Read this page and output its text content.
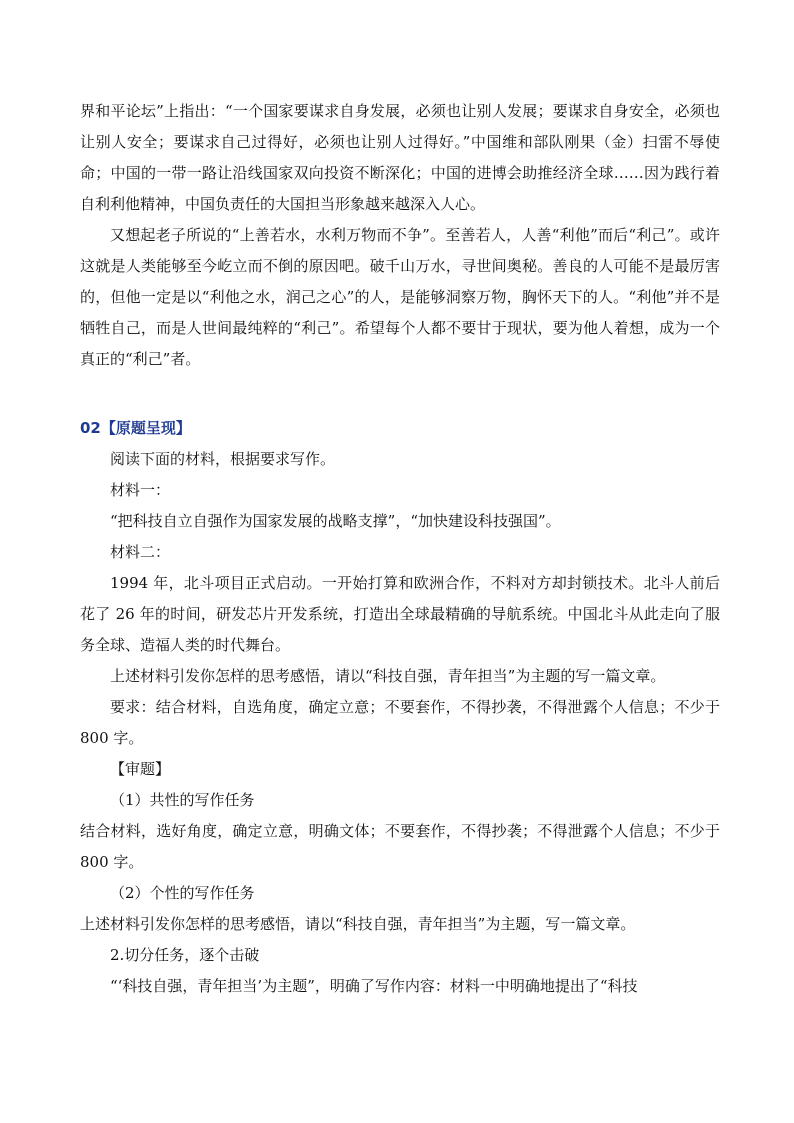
界和平论坛”上指出：“一个国家要谋求自身发展，必须也让别人发展；要谋求自身安全，必须也让别人安全；要谋求自己过得好，必须也让别人过得好。”中国维和部队刚果（金）扫雷不辱使命；中国的一带一路让沿线国家双向投资不断深化；中国的进博会助推经济全球……因为践行着自利利他精神，中国负责任的大国担当形象越来越深入人心。

又想起老子所说的“上善若水，水利万物而不争”。至善若人，人善“利他”而后“利己”。或许这就是人类能够至今屹立而不倒的原因吧。破千山万水，寻世间奥秘。善良的人可能不是最厉害的，但他一定是以“利他之水，润己之心”的人，是能够洞察万物，胸怀天下的人。“利他”并不是牺牲自己，而是人世间最纯粹的“利己”。希望每个人都不要甘于现状，要为他人着想，成为一个真正的“利己”者。

02【原题呈现】

阅读下面的材料，根据要求写作。

材料一：

“把科技自立自强作为国家发展的战略支撑”，“加快建设科技强国”。

材料二：

1994 年，北斗项目正式启动。一开始打算和欧洲合作，不料对方却封锁技术。北斗人前后花了 26 年的时间，研发芯片开发系统，打造出全球最精确的导航系统。中国北斗从此走向了服务全球、造福人类的时代舞台。

上述材料引发你怎样的思考感悟，请以“科技自强，青年担当”为主题的写一篇文章。

要求：结合材料，自选角度，确定立意；不要套作，不得抄袭，不得泄露个人信息；不少于 800 字。

【审题】

（1）共性的写作任务

结合材料，选好角度，确定立意，明确文体；不要套作，不得抄袭；不得泄露个人信息；不少于 800 字。

（2）个性的写作任务

上述材料引发你怎样的思考感悟，请以“科技自强，青年担当”为主题，写一篇文章。

2.切分任务，逐个击破

“‘科技自强，青年担当’为主题”，明确了写作内容：材料一中明确地提出了“科技
